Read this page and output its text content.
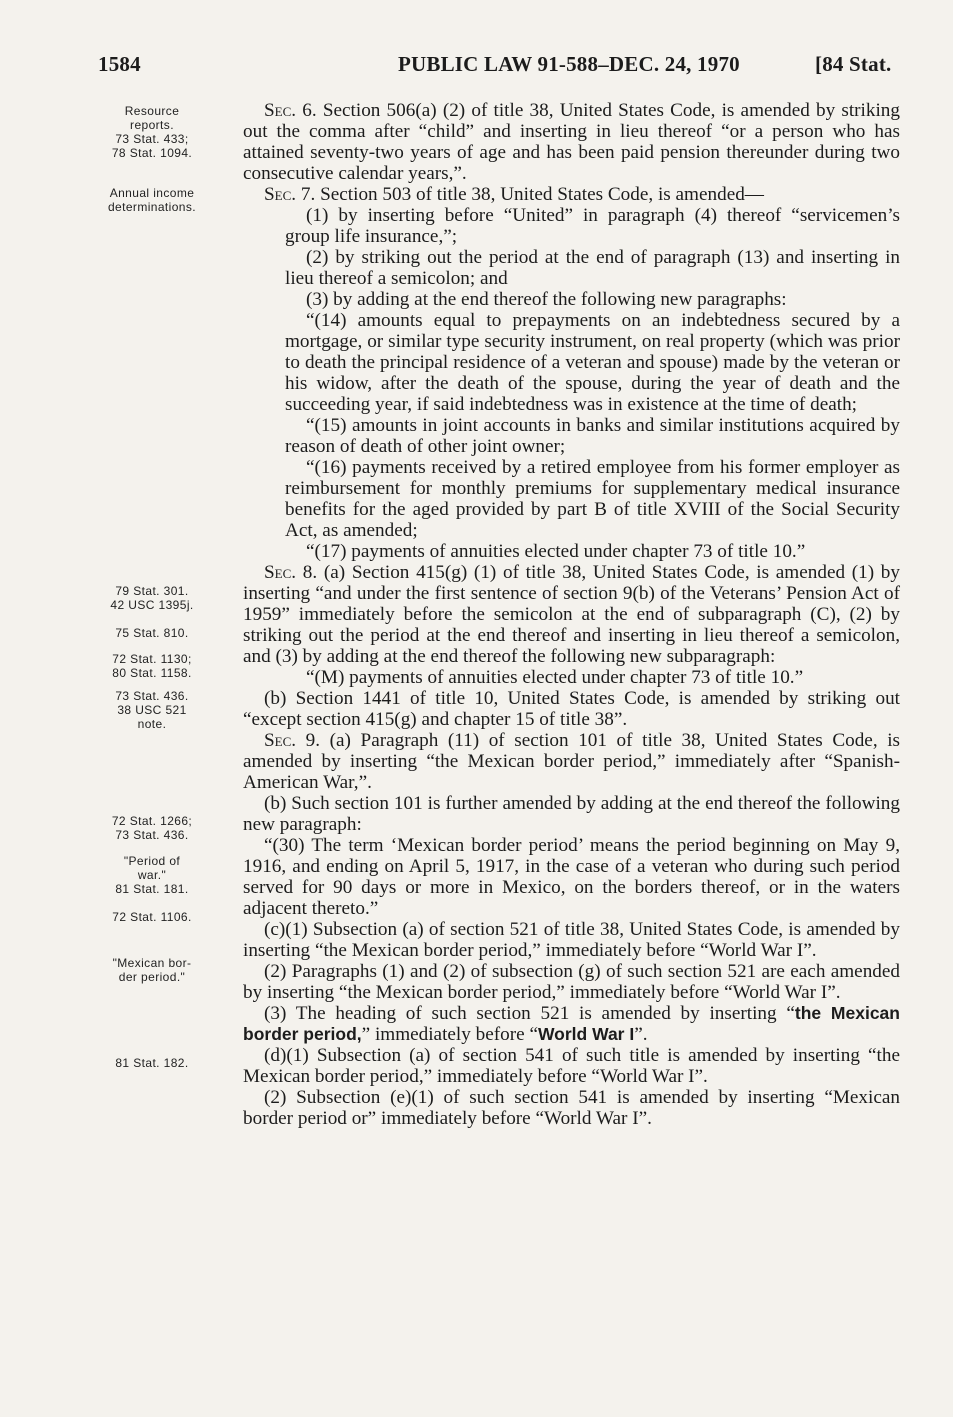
1584	PUBLIC LAW 91-588–DEC. 24, 1970	[84 Stat.
Resource
reports.
73 Stat. 433;
78 Stat. 1094.
Annual income
determinations.
79 Stat. 301.
42 USC 1395j.
75 Stat. 810.
72 Stat. 1130;
80 Stat. 1158.
73 Stat. 436.
38 USC 521
note.
72 Stat. 1266;
73 Stat. 436.
"Period of
war."
81 Stat. 181.
72 Stat. 1106.
"Mexican bor-
der period."
81 Stat. 182.

Sec. 6. Section 506(a) (2) of title 38, United States Code, is amended by striking out the comma after “child” and inserting in lieu thereof “or a person who has attained seventy-two years of age and has been paid pension thereunder during two consecutive calendar years,”.

Sec. 7. Section 503 of title 38, United States Code, is amended—

(1) by inserting before “United” in paragraph (4) thereof “servicemen’s group life insurance,”;

(2) by striking out the period at the end of paragraph (13) and inserting in lieu thereof a semicolon; and

(3) by adding at the end thereof the following new paragraphs:

“(14) amounts equal to prepayments on an indebtedness secured by a mortgage, or similar type security instrument, on real property (which was prior to death the principal residence of a veteran and spouse) made by the veteran or his widow, after the death of the spouse, during the year of death and the succeeding year, if said indebtedness was in existence at the time of death;

“(15) amounts in joint accounts in banks and similar institutions acquired by reason of death of other joint owner;

“(16) payments received by a retired employee from his former employer as reimbursement for monthly premiums for supplementary medical insurance benefits for the aged provided by part B of title XVIII of the Social Security Act, as amended;

“(17) payments of annuities elected under chapter 73 of title 10.”

Sec. 8. (a) Section 415(g) (1) of title 38, United States Code, is amended (1) by inserting “and under the first sentence of section 9(b) of the Veterans’ Pension Act of 1959” immediately before the semicolon at the end of subparagraph (C), (2) by striking out the period at the end thereof and inserting in lieu thereof a semicolon, and (3) by adding at the end thereof the following new subparagraph:

“(M) payments of annuities elected under chapter 73 of title 10.”

(b) Section 1441 of title 10, United States Code, is amended by striking out “except section 415(g) and chapter 15 of title 38”.

Sec. 9. (a) Paragraph (11) of section 101 of title 38, United States Code, is amended by inserting “the Mexican border period,” immediately after “Spanish-American War,”.

(b) Such section 101 is further amended by adding at the end thereof the following new paragraph:

“(30) The term ‘Mexican border period’ means the period beginning on May 9, 1916, and ending on April 5, 1917, in the case of a veteran who during such period served for 90 days or more in Mexico, on the borders thereof, or in the waters adjacent thereto.”

(c)(1) Subsection (a) of section 521 of title 38, United States Code, is amended by inserting “the Mexican border period,” immediately before “World War I”.

(2) Paragraphs (1) and (2) of subsection (g) of such section 521 are each amended by inserting “the Mexican border period,” immediately before “World War I”.

(3) The heading of such section 521 is amended by inserting “the Mexican border period,” immediately before “World War I”.

(d)(1) Subsection (a) of section 541 of such title is amended by inserting “the Mexican border period,” immediately before “World War I”.

(2) Subsection (e)(1) of such section 541 is amended by inserting “Mexican border period or” immediately before “World War I”.
